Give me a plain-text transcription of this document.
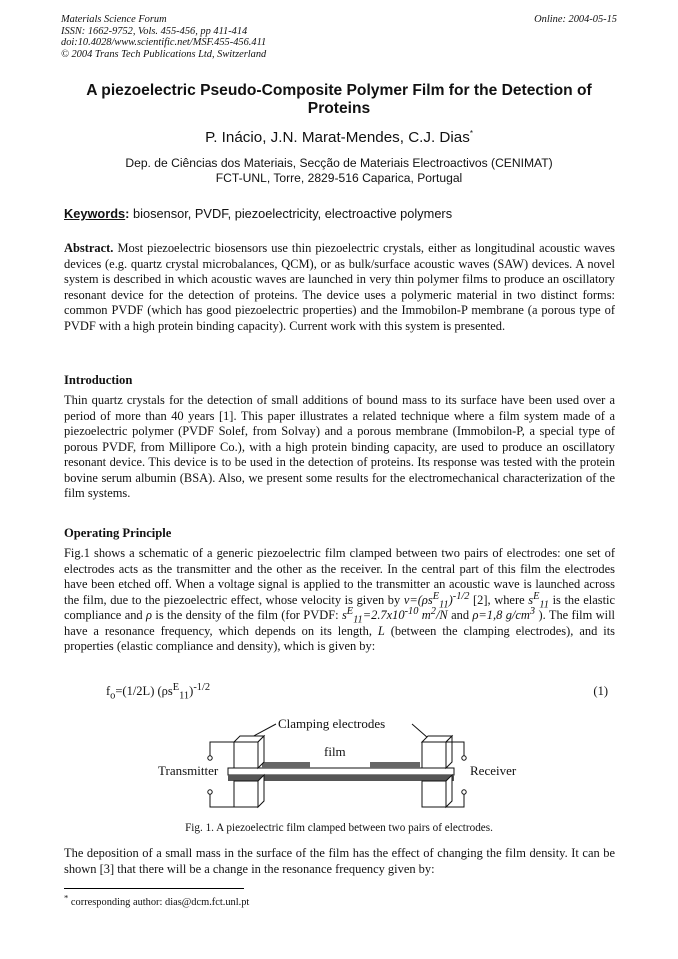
Materials Science Forum
ISSN: 1662-9752, Vols. 455-456, pp 411-414
doi:10.4028/www.scientific.net/MSF.455-456.411
© 2004 Trans Tech Publications Ltd, Switzerland
Online: 2004-05-15
A piezoelectric Pseudo-Composite Polymer Film for the Detection of Proteins
P. Inácio, J.N. Marat-Mendes, C.J. Dias*
Dep. de Ciências dos Materiais, Secção de Materiais Electroactivos (CENIMAT)
FCT-UNL, Torre, 2829-516 Caparica, Portugal
Keywords: biosensor, PVDF, piezoelectricity, electroactive polymers
Abstract. Most piezoelectric biosensors use thin piezoelectric crystals, either as longitudinal acoustic waves devices (e.g. quartz crystal microbalances, QCM), or as bulk/surface acoustic waves (SAW) devices. A novel system is described in which acoustic waves are launched in very thin polymer films to produce an oscillatory resonant device for the detection of proteins. The device uses a polymeric material in two distinct forms: common PVDF (which has good piezoelectric properties) and the Immobilon-P membrane (a porous type of PVDF with a high protein binding capacity). Current work with this system is presented.
Introduction
Thin quartz crystals for the detection of small additions of bound mass to its surface have been used over a period of more than 40 years [1]. This paper illustrates a related technique where a film system made of a piezoelectric polymer (PVDF Solef, from Solvay) and a porous membrane (Immobilon-P, a special type of porous PVDF, from Millipore Co.), with a high protein binding capacity, are used to produce an oscillatory resonant device. This device is to be used in the detection of proteins. Its response was tested with the protein bovine serum albumin (BSA). Also, we present some results for the electromechanical characterization of the film systems.
Operating Principle
Fig.1 shows a schematic of a generic piezoelectric film clamped between two pairs of electrodes: one set of electrodes acts as the transmitter and the other as the receiver. In the central part of this film the electrodes have been etched off. When a voltage signal is applied to the transmitter an acoustic wave is launched across the film, due to the piezoelectric effect, whose velocity is given by $v=(\rho s^E_{11})^{-1/2}$ [2], where $s^E_{11}$ is the elastic compliance and ρ is the density of the film (for PVDF: $s^E_{11}=2.7x10^{-10}$ $m^2/N$ and ρ=1,8 $g/cm^3$ ). The film will have a resonance frequency, which depends on its length, L (between the clamping electrodes), and its properties (elastic compliance and density), which is given by:
$f_o=(1/2L)$ $(\rho s^E_{11})^{-1/2}$	(1)
Clamping electrodes
film
Transmitter	Receiver
Fig. 1. A piezoelectric film clamped between two pairs of electrodes.
The deposition of a small mass in the surface of the film has the effect of changing the film density. It can be shown [3] that there will be a change in the resonance frequency given by:
* corresponding author: dias@dcm.fct.unl.pt
